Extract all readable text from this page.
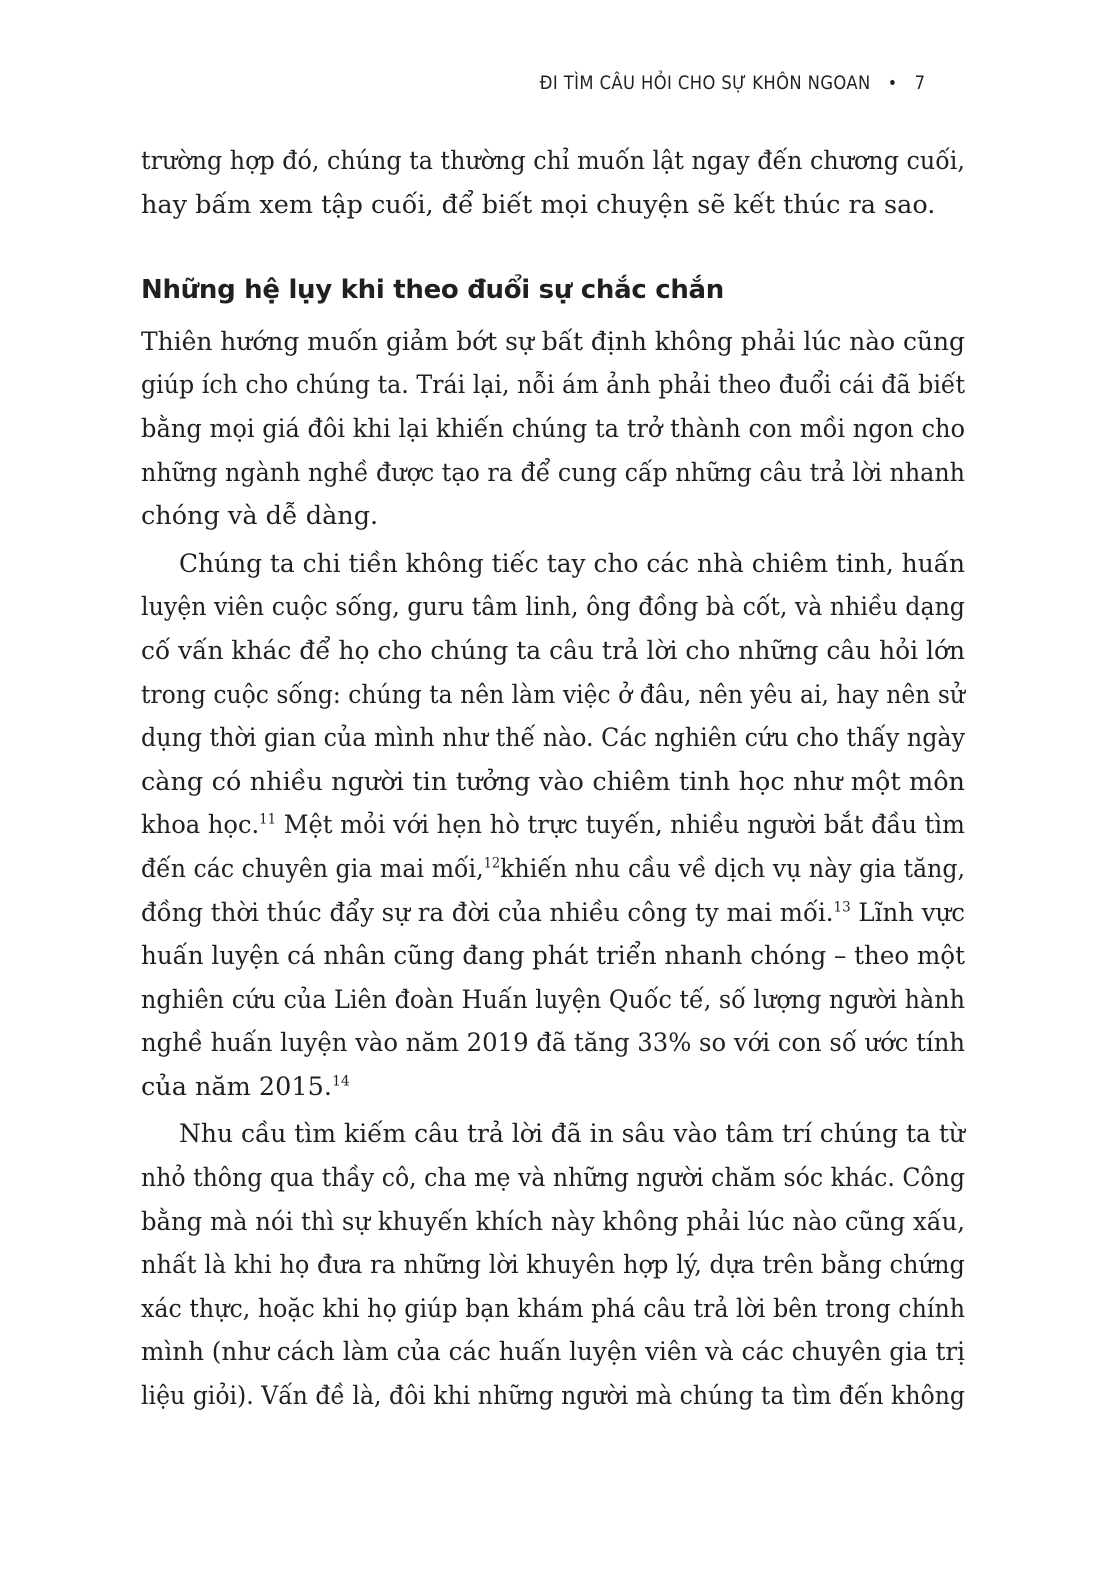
ĐI TÌM CÂU HỎI CHO SỰ KHÔN NGOAN • 7

trường hợp đó, chúng ta thường chỉ muốn lật ngay đến chương cuối,
hay bấm xem tập cuối, để biết mọi chuyện sẽ kết thúc ra sao.

Những hệ lụy khi theo đuổi sự chắc chắn

Thiên hướng muốn giảm bớt sự bất định không phải lúc nào cũng
giúp ích cho chúng ta. Trái lại, nỗi ám ảnh phải theo đuổi cái đã biết
bằng mọi giá đôi khi lại khiến chúng ta trở thành con mồi ngon cho
những ngành nghề được tạo ra để cung cấp những câu trả lời nhanh
chóng và dễ dàng.

Chúng ta chi tiền không tiếc tay cho các nhà chiêm tinh, huấn
luyện viên cuộc sống, guru tâm linh, ông đồng bà cốt, và nhiều dạng
cố vấn khác để họ cho chúng ta câu trả lời cho những câu hỏi lớn
trong cuộc sống: chúng ta nên làm việc ở đâu, nên yêu ai, hay nên sử
dụng thời gian của mình như thế nào. Các nghiên cứu cho thấy ngày
càng có nhiều người tin tưởng vào chiêm tinh học như một môn
khoa học.$^{11}$ Mệt mỏi với hẹn hò trực tuyến, nhiều người bắt đầu tìm
đến các chuyên gia mai mối,$^{12}$khiến nhu cầu về dịch vụ này gia tăng,
đồng thời thúc đẩy sự ra đời của nhiều công ty mai mối.$^{13}$ Lĩnh vực
huấn luyện cá nhân cũng đang phát triển nhanh chóng – theo một
nghiên cứu của Liên đoàn Huấn luyện Quốc tế, số lượng người hành
nghề huấn luyện vào năm 2019 đã tăng 33% so với con số ước tính
của năm 2015.14

Nhu cầu tìm kiếm câu trả lời đã in sâu vào tâm trí chúng ta từ
nhỏ thông qua thầy cô, cha mẹ và những người chăm sóc khác. Công
bằng mà nói thì sự khuyến khích này không phải lúc nào cũng xấu,
nhất là khi họ đưa ra những lời khuyên hợp lý, dựa trên bằng chứng
xác thực, hoặc khi họ giúp bạn khám phá câu trả lời bên trong chính
mình (như cách làm của các huấn luyện viên và các chuyên gia trị
liệu giỏi). Vấn đề là, đôi khi những người mà chúng ta tìm đến không
